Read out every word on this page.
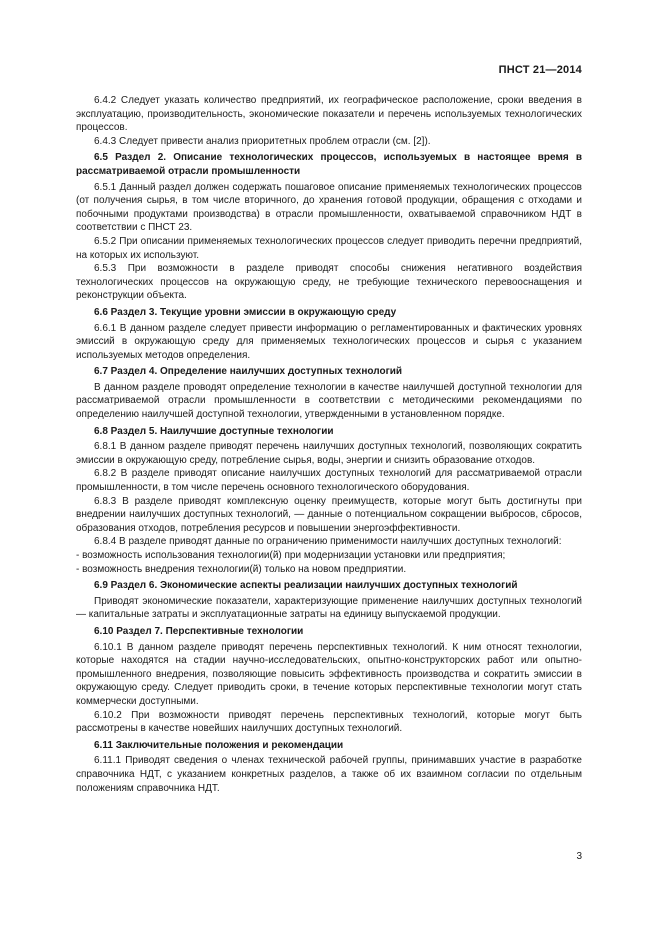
ПНСТ 21—2014

6.4.2 Следует указать количество предприятий, их географическое расположение, сроки введения в эксплуатацию, производительность, экономические показатели и перечень используемых технологических процессов.

6.4.3 Следует привести анализ приоритетных проблем отрасли (см. [2]).

6.5 Раздел 2. Описание технологических процессов, используемых в настоящее время в рассматриваемой отрасли промышленности

6.5.1 Данный раздел должен содержать пошаговое описание применяемых технологических процессов (от получения сырья, в том числе вторичного, до хранения готовой продукции, обращения с отходами и побочными продуктами производства) в отрасли промышленности, охватываемой справочником НДТ в соответствии с ПНСТ 23.

6.5.2 При описании применяемых технологических процессов следует приводить перечни предприятий, на которых их используют.

6.5.3 При возможности в разделе приводят способы снижения негативного воздействия технологических процессов на окружающую среду, не требующие технического перевооснащения и реконструкции объекта.

6.6 Раздел 3. Текущие уровни эмиссии в окружающую среду

6.6.1 В данном разделе следует привести информацию о регламентированных и фактических уровнях эмиссий в окружающую среду для применяемых технологических процессов и сырья с указанием используемых методов определения.

6.7 Раздел 4. Определение наилучших доступных технологий

В данном разделе проводят определение технологии в качестве наилучшей доступной технологии для рассматриваемой отрасли промышленности в соответствии с методическими рекомендациями по определению наилучшей доступной технологии, утвержденными в установленном порядке.

6.8 Раздел 5. Наилучшие доступные технологии

6.8.1 В данном разделе приводят перечень наилучших доступных технологий, позволяющих сократить эмиссии в окружающую среду, потребление сырья, воды, энергии и снизить образование отходов.

6.8.2 В разделе приводят описание наилучших доступных технологий для рассматриваемой отрасли промышленности, в том числе перечень основного технологического оборудования.

6.8.3 В разделе приводят комплексную оценку преимуществ, которые могут быть достигнуты при внедрении наилучших доступных технологий, — данные о потенциальном сокращении выбросов, сбросов, образования отходов, потребления ресурсов и повышении энергоэффективности.

6.8.4 В разделе приводят данные по ограничению применимости наилучших доступных технологий:

- возможность использования технологии(й) при модернизации установки или предприятия;

- возможность внедрения технологии(й) только на новом предприятии.

6.9 Раздел 6. Экономические аспекты реализации наилучших доступных технологий

Приводят экономические показатели, характеризующие применение наилучших доступных технологий — капитальные затраты и эксплуатационные затраты на единицу выпускаемой продукции.

6.10 Раздел 7. Перспективные технологии

6.10.1 В данном разделе приводят перечень перспективных технологий. К ним относят технологии, которые находятся на стадии научно-исследовательских, опытно-конструкторских работ или опытно-промышленного внедрения, позволяющие повысить эффективность производства и сократить эмиссии в окружающую среду. Следует приводить сроки, в течение которых перспективные технологии могут стать коммерчески доступными.

6.10.2 При возможности приводят перечень перспективных технологий, которые могут быть рассмотрены в качестве новейших наилучших доступных технологий.

6.11 Заключительные положения и рекомендации

6.11.1 Приводят сведения о членах технической рабочей группы, принимавших участие в разработке справочника НДТ, с указанием конкретных разделов, а также об их взаимном согласии по отдельным положениям справочника НДТ.

3
